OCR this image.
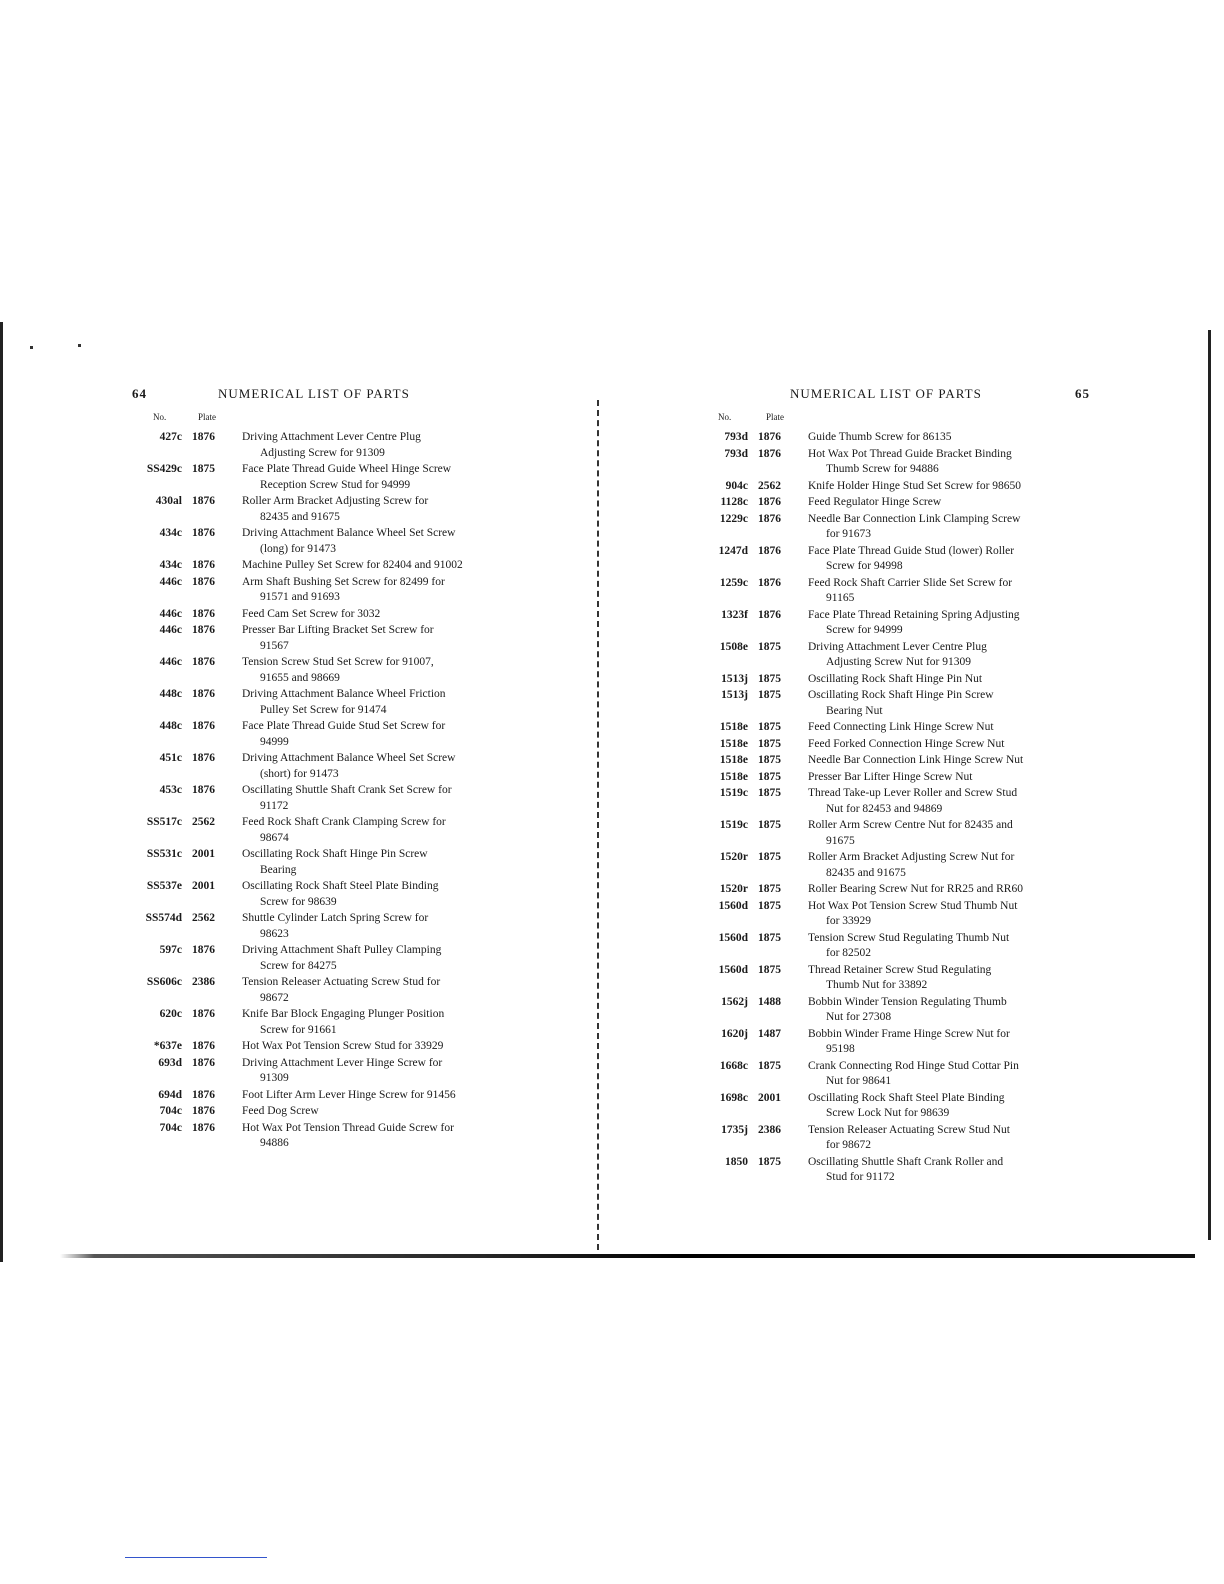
64	NUMERICAL LIST OF PARTS
No.	Plate
427c 1876	Driving Attachment Lever Centre Plug
Adjusting Screw for 91309
SS429c 1875	Face Plate Thread Guide Wheel Hinge Screw
Reception Screw Stud for 94999
430al 1876	Roller Arm Bracket Adjusting Screw for
82435 and 91675
434c 1876	Driving Attachment Balance Wheel Set Screw
(long) for 91473
434c 1876	Machine Pulley Set Screw for 82404 and 91002
446c 1876	Arm Shaft Bushing Set Screw for 82499 for
91571 and 91693
446c 1876	Feed Cam Set Screw for 3032
446c 1876	Presser Bar Lifting Bracket Set Screw for
91567
446c 1876	Tension Screw Stud Set Screw for 91007,
91655 and 98669
448c 1876	Driving Attachment Balance Wheel Friction
Pulley Set Screw for 91474
448c 1876	Face Plate Thread Guide Stud Set Screw for
94999
451c 1876	Driving Attachment Balance Wheel Set Screw
(short) for 91473
453c 1876	Oscillating Shuttle Shaft Crank Set Screw for
91172
SS517c 2562	Feed Rock Shaft Crank Clamping Screw for
98674
SS531c 2001	Oscillating Rock Shaft Hinge Pin Screw
Bearing
SS537e 2001	Oscillating Rock Shaft Steel Plate Binding
Screw for 98639
SS574d 2562	Shuttle Cylinder Latch Spring Screw for
98623
597c 1876	Driving Attachment Shaft Pulley Clamping
Screw for 84275
SS606c 2386	Tension Releaser Actuating Screw Stud for
98672
620c 1876	Knife Bar Block Engaging Plunger Position
Screw for 91661
*637e 1876	Hot Wax Pot Tension Screw Stud for 33929
693d 1876	Driving Attachment Lever Hinge Screw for
91309
694d 1876	Foot Lifter Arm Lever Hinge Screw for 91456
704c 1876	Feed Dog Screw
704c 1876	Hot Wax Pot Tension Thread Guide Screw for
94886
NUMERICAL LIST OF PARTS	65
No.	Plate
793d 1876	Guide Thumb Screw for 86135
793d 1876	Hot Wax Pot Thread Guide Bracket Binding
Thumb Screw for 94886
904c 2562	Knife Holder Hinge Stud Set Screw for 98650
1128c 1876	Feed Regulator Hinge Screw
1229c 1876	Needle Bar Connection Link Clamping Screw
for 91673
1247d 1876	Face Plate Thread Guide Stud (lower) Roller
Screw for 94998
1259c 1876	Feed Rock Shaft Carrier Slide Set Screw for
91165
1323f 1876	Face Plate Thread Retaining Spring Adjusting
Screw for 94999
1508e 1875	Driving Attachment Lever Centre Plug
Adjusting Screw Nut for 91309
1513j 1875	Oscillating Rock Shaft Hinge Pin Nut
1513j 1875	Oscillating Rock Shaft Hinge Pin Screw
Bearing Nut
1518e 1875	Feed Connecting Link Hinge Screw Nut
1518e 1875	Feed Forked Connection Hinge Screw Nut
1518e 1875	Needle Bar Connection Link Hinge Screw Nut
1518e 1875	Presser Bar Lifter Hinge Screw Nut
1519c 1875	Thread Take-up Lever Roller and Screw Stud
Nut for 82453 and 94869
1519c 1875	Roller Arm Screw Centre Nut for 82435 and
91675
1520r 1875	Roller Arm Bracket Adjusting Screw Nut for
82435 and 91675
1520r 1875	Roller Bearing Screw Nut for RR25 and RR60
1560d 1875	Hot Wax Pot Tension Screw Stud Thumb Nut
for 33929
1560d 1875	Tension Screw Stud Regulating Thumb Nut
for 82502
1560d 1875	Thread Retainer Screw Stud Regulating
Thumb Nut for 33892
1562j 1488	Bobbin Winder Tension Regulating Thumb
Nut for 27308
1620j 1487	Bobbin Winder Frame Hinge Screw Nut for
95198
1668c 1875	Crank Connecting Rod Hinge Stud Cottar Pin
Nut for 98641
1698c 2001	Oscillating Rock Shaft Steel Plate Binding
Screw Lock Nut for 98639
1735j 2386	Tension Releaser Actuating Screw Stud Nut
for 98672
1850 1875	Oscillating Shuttle Shaft Crank Roller and
Stud for 91172
